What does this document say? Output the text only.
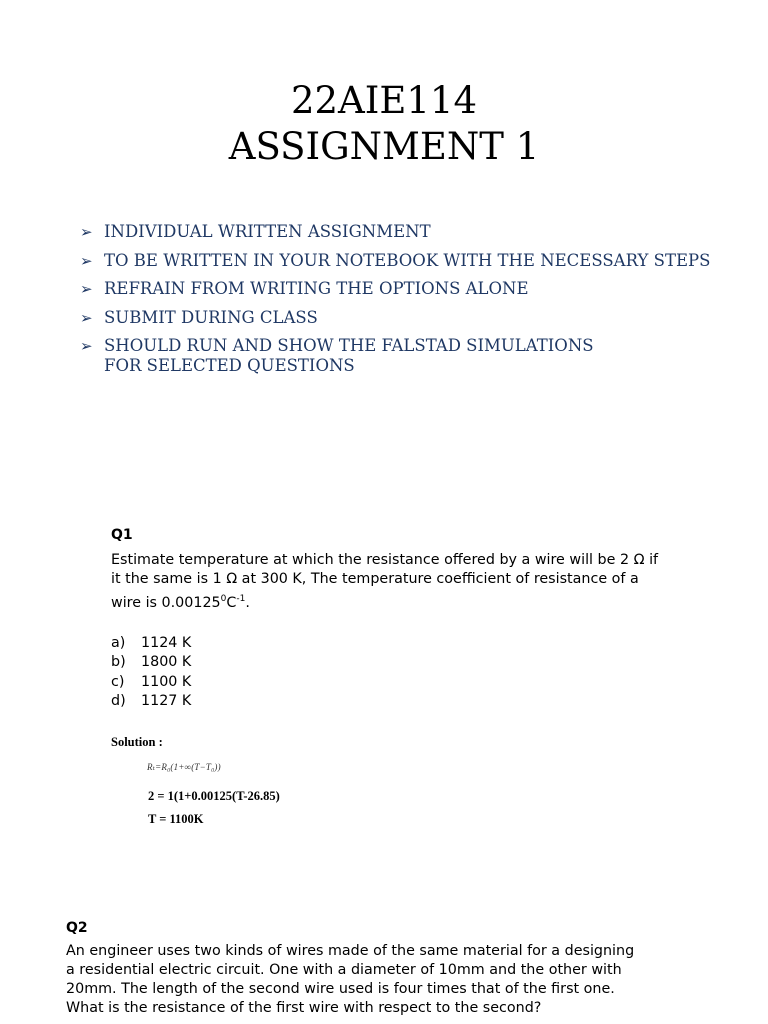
22AIE114
ASSIGNMENT 1
➢ INDIVIDUAL WRITTEN ASSIGNMENT
➢ TO BE WRITTEN IN YOUR NOTEBOOK WITH THE NECESSARY STEPS
➢ REFRAIN FROM WRITING THE OPTIONS ALONE
➢ SUBMIT DURING CLASS
➢ SHOULD RUN AND SHOW THE FALSTAD SIMULATIONS FOR SELECTED QUESTIONS
Q1
Estimate temperature at which the resistance offered by a wire will be 2 Ω if
it the same is 1 Ω at 300 K, The temperature coefficient of resistance of a
wire is $0.00125^0C^{-1}$.
a)	1124 K
b)	1800 K
c)	1100 K
d)	1127 K
Solution :
Rₜ=R₀(1+∞(T−T₀))
2 = 1(1+0.00125(T-26.85)
T = 1100K
Q2
An engineer uses two kinds of wires made of the same material for a designing
a residential electric circuit. One with a diameter of 10mm and the other with
20mm. The length of the second wire used is four times that of the first one.
What is the resistance of the first wire with respect to the second?
